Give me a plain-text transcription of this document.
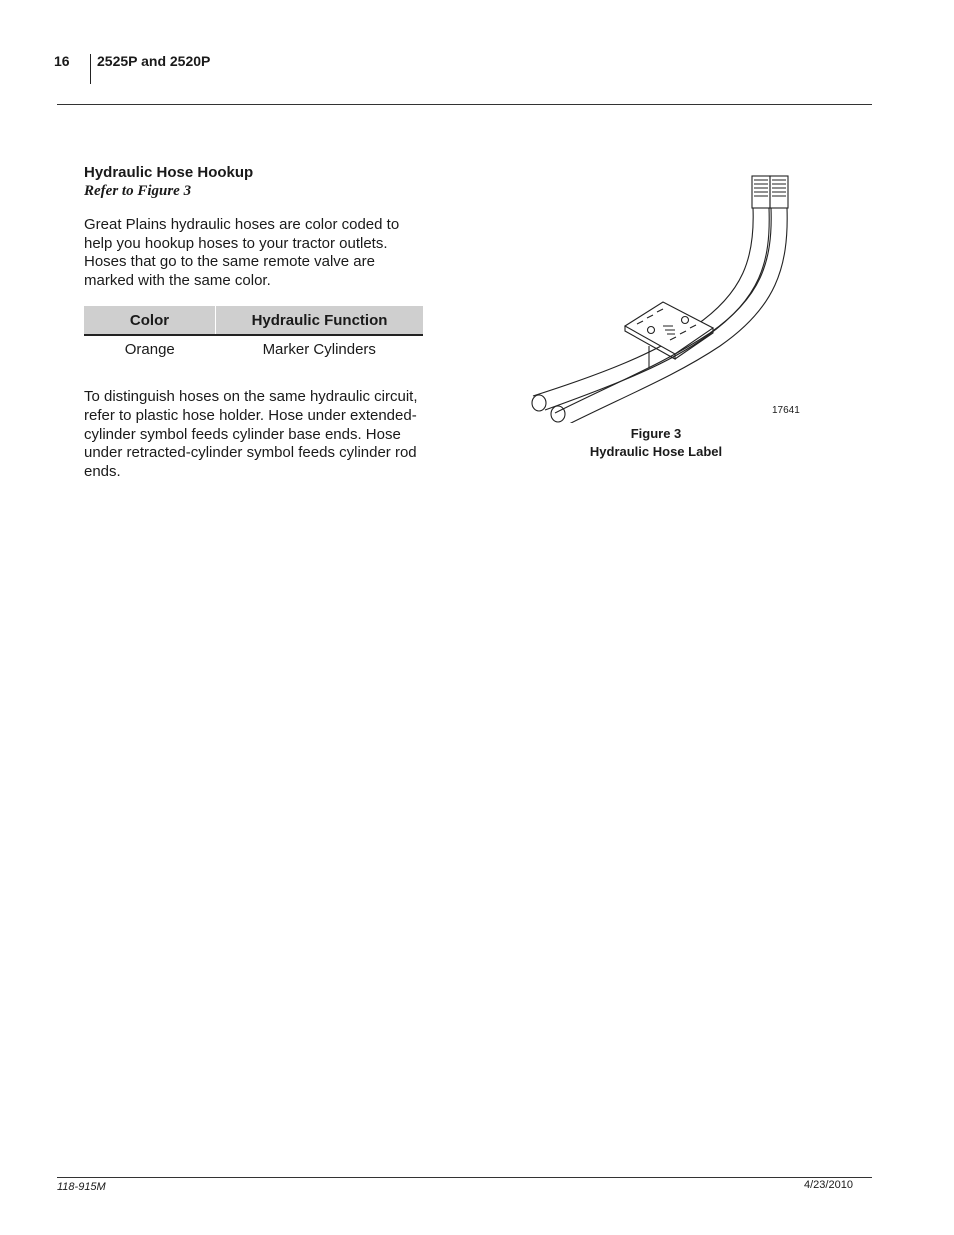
16 2525P and 2520P
Hydraulic Hose Hookup
Refer to Figure 3

Great Plains hydraulic hoses are color coded to help you hookup hoses to your tractor outlets. Hoses that go to the same remote valve are marked with the same color.

Color	Hydraulic Function
Orange	Marker Cylinders

To distinguish hoses on the same hydraulic circuit, refer to plastic hose holder. Hose under extended-cylinder symbol feeds cylinder base ends. Hose under retracted-cylinder symbol feeds cylinder rod ends.

17641
Figure 3
Hydraulic Hose Label
118-915M	4/23/2010
